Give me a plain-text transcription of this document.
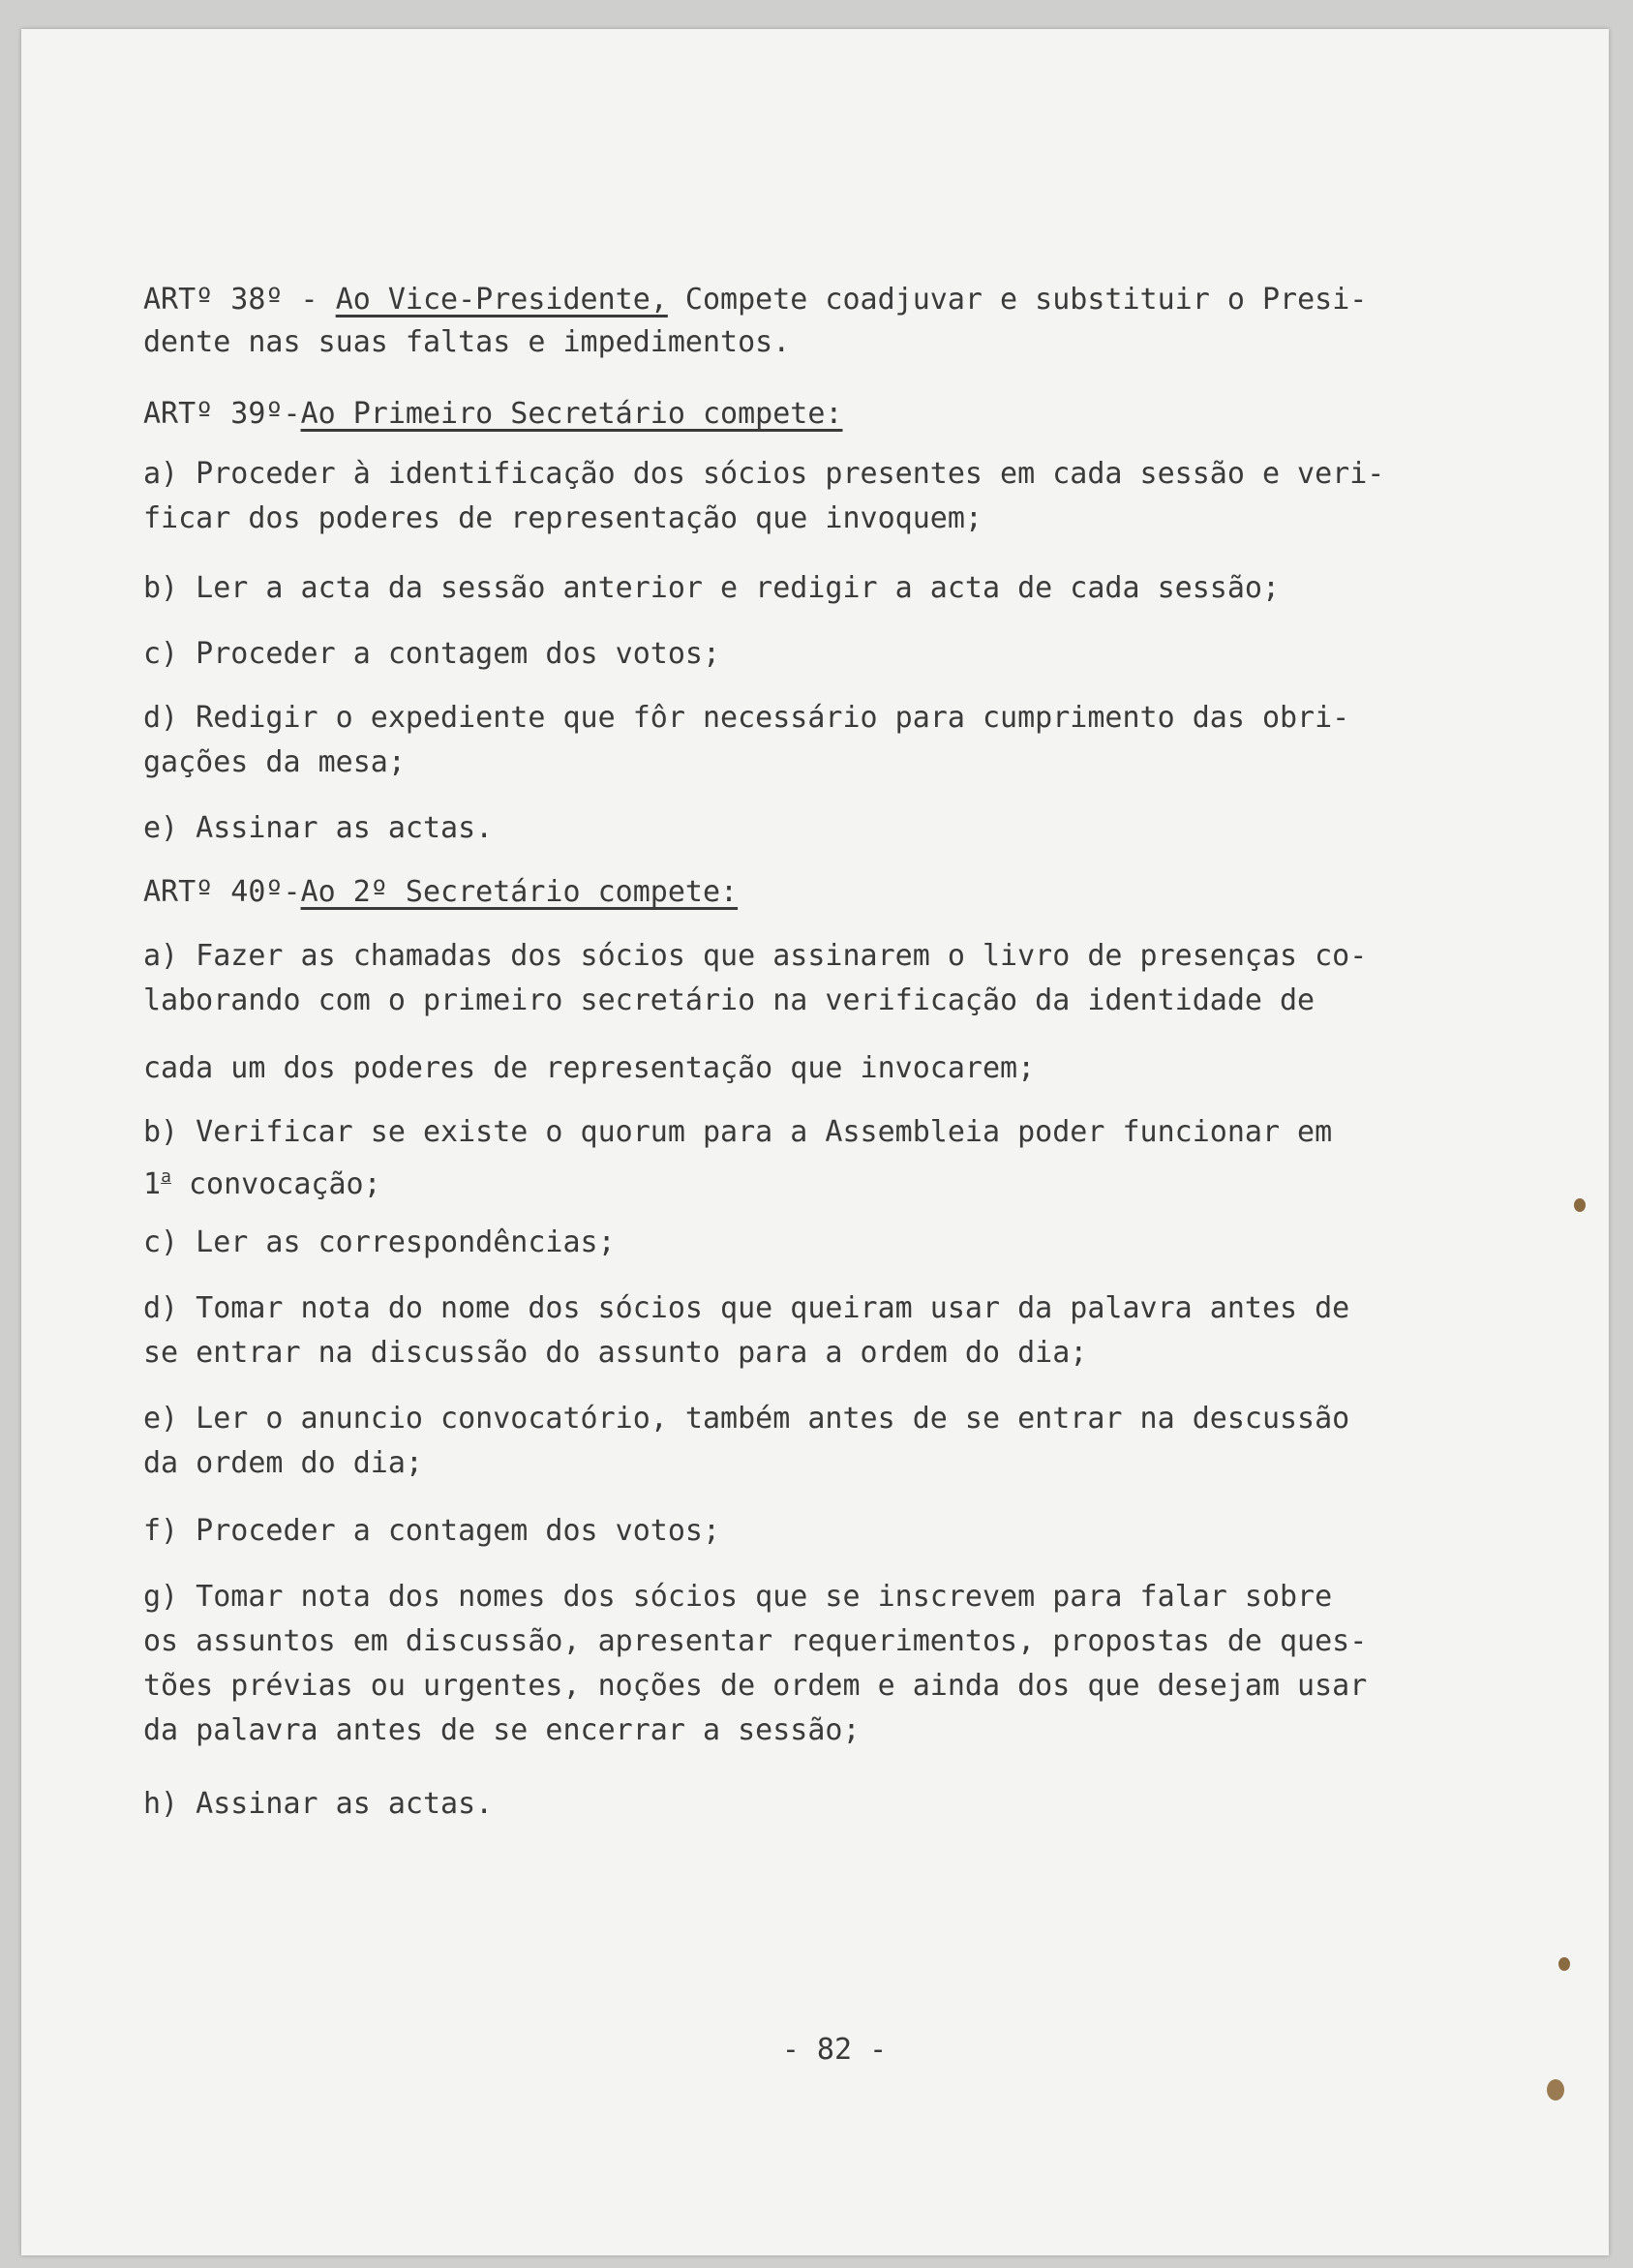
ARTº 38º - Ao Vice-Presidente, Compete coadjuvar e substituir o Presi-
dente nas suas faltas e impedimentos.
ARTº 39º-Ao Primeiro Secretário compete:
a) Proceder à identificação dos sócios presentes em cada sessão e veri-
ficar dos poderes de representação que invoquem;
b) Ler a acta da sessão anterior e redigir a acta de cada sessão;
c) Proceder a contagem dos votos;
d) Redigir o expediente que fôr necessário para cumprimento das obri-
gações da mesa;
e) Assinar as actas.
ARTº 40º-Ao 2º Secretário compete:
a) Fazer as chamadas dos sócios que assinarem o livro de presenças co-
laborando com o primeiro secretário na verificação da identidade de
cada um dos poderes de representação que invocarem;
b) Verificar se existe o quorum para a Assembleia poder funcionar em
1$^a$ convocação;
c) Ler as correspondências;
d) Tomar nota do nome dos sócios que queiram usar da palavra antes de
se entrar na discussão do assunto para a ordem do dia;
e) Ler o anuncio convocatório, também antes de se entrar na descussão
da ordem do dia;
f) Proceder a contagem dos votos;
g) Tomar nota dos nomes dos sócios que se inscrevem para falar sobre
os assuntos em discussão, apresentar requerimentos, propostas de ques-
tões prévias ou urgentes, noções de ordem e ainda dos que desejam usar
da palavra antes de se encerrar a sessão;
h) Assinar as actas.
- 82 -
